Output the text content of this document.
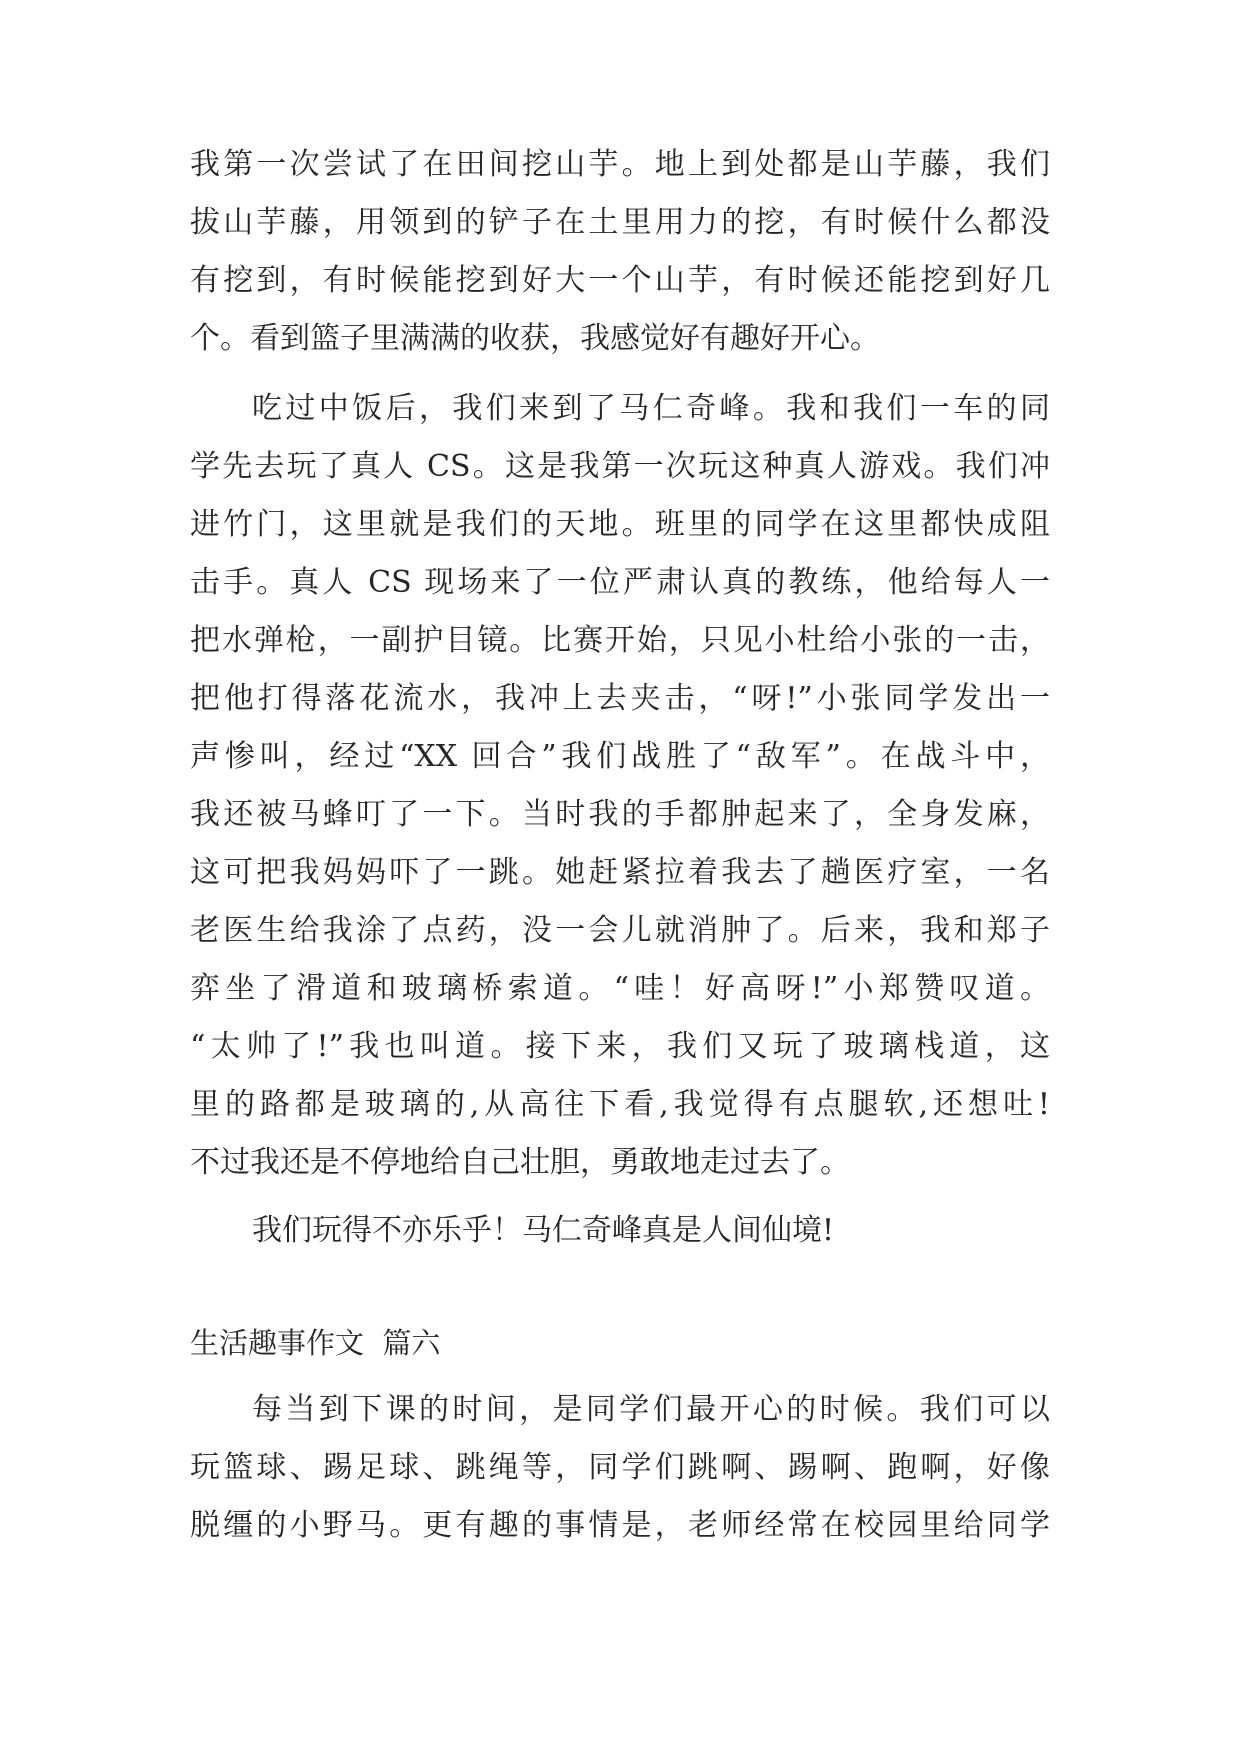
我第一次尝试了在田间挖山芋。地上到处都是山芋藤，我们
拔山芋藤，用领到的铲子在土里用力的挖，有时候什么都没
有挖到，有时候能挖到好大一个山芋，有时候还能挖到好几
个。看到篮子里满满的收获，我感觉好有趣好开心。
吃过中饭后，我们来到了马仁奇峰。我和我们一车的同
学先去玩了真人 CS。这是我第一次玩这种真人游戏。我们冲
进竹门，这里就是我们的天地。班里的同学在这里都快成阻
击手。真人 CS 现场来了一位严肃认真的教练，他给每人一
把水弹枪，一副护目镜。比赛开始，只见小杜给小张的一击，
把他打得落花流水，我冲上去夹击，“呀!”小张同学发出一
声惨叫，经过“XX 回合”我们战胜了“敌军”。在战斗中，
我还被马蜂叮了一下。当时我的手都肿起来了，全身发麻，
这可把我妈妈吓了一跳。她赶紧拉着我去了趟医疗室，一名
老医生给我涂了点药，没一会儿就消肿了。后来，我和郑子
弈坐了滑道和玻璃桥索道。“哇！好高呀!”小郑赞叹道。
“太帅了!”我也叫道。接下来，我们又玩了玻璃栈道，这
里的路都是玻璃的,从高往下看,我觉得有点腿软,还想吐!
不过我还是不停地给自己壮胆，勇敢地走过去了。
我们玩得不亦乐乎！马仁奇峰真是人间仙境!
生活趣事作文  篇六
每当到下课的时间，是同学们最开心的时候。我们可以
玩篮球、踢足球、跳绳等，同学们跳啊、踢啊、跑啊，好像
脱缰的小野马。更有趣的事情是，老师经常在校园里给同学
